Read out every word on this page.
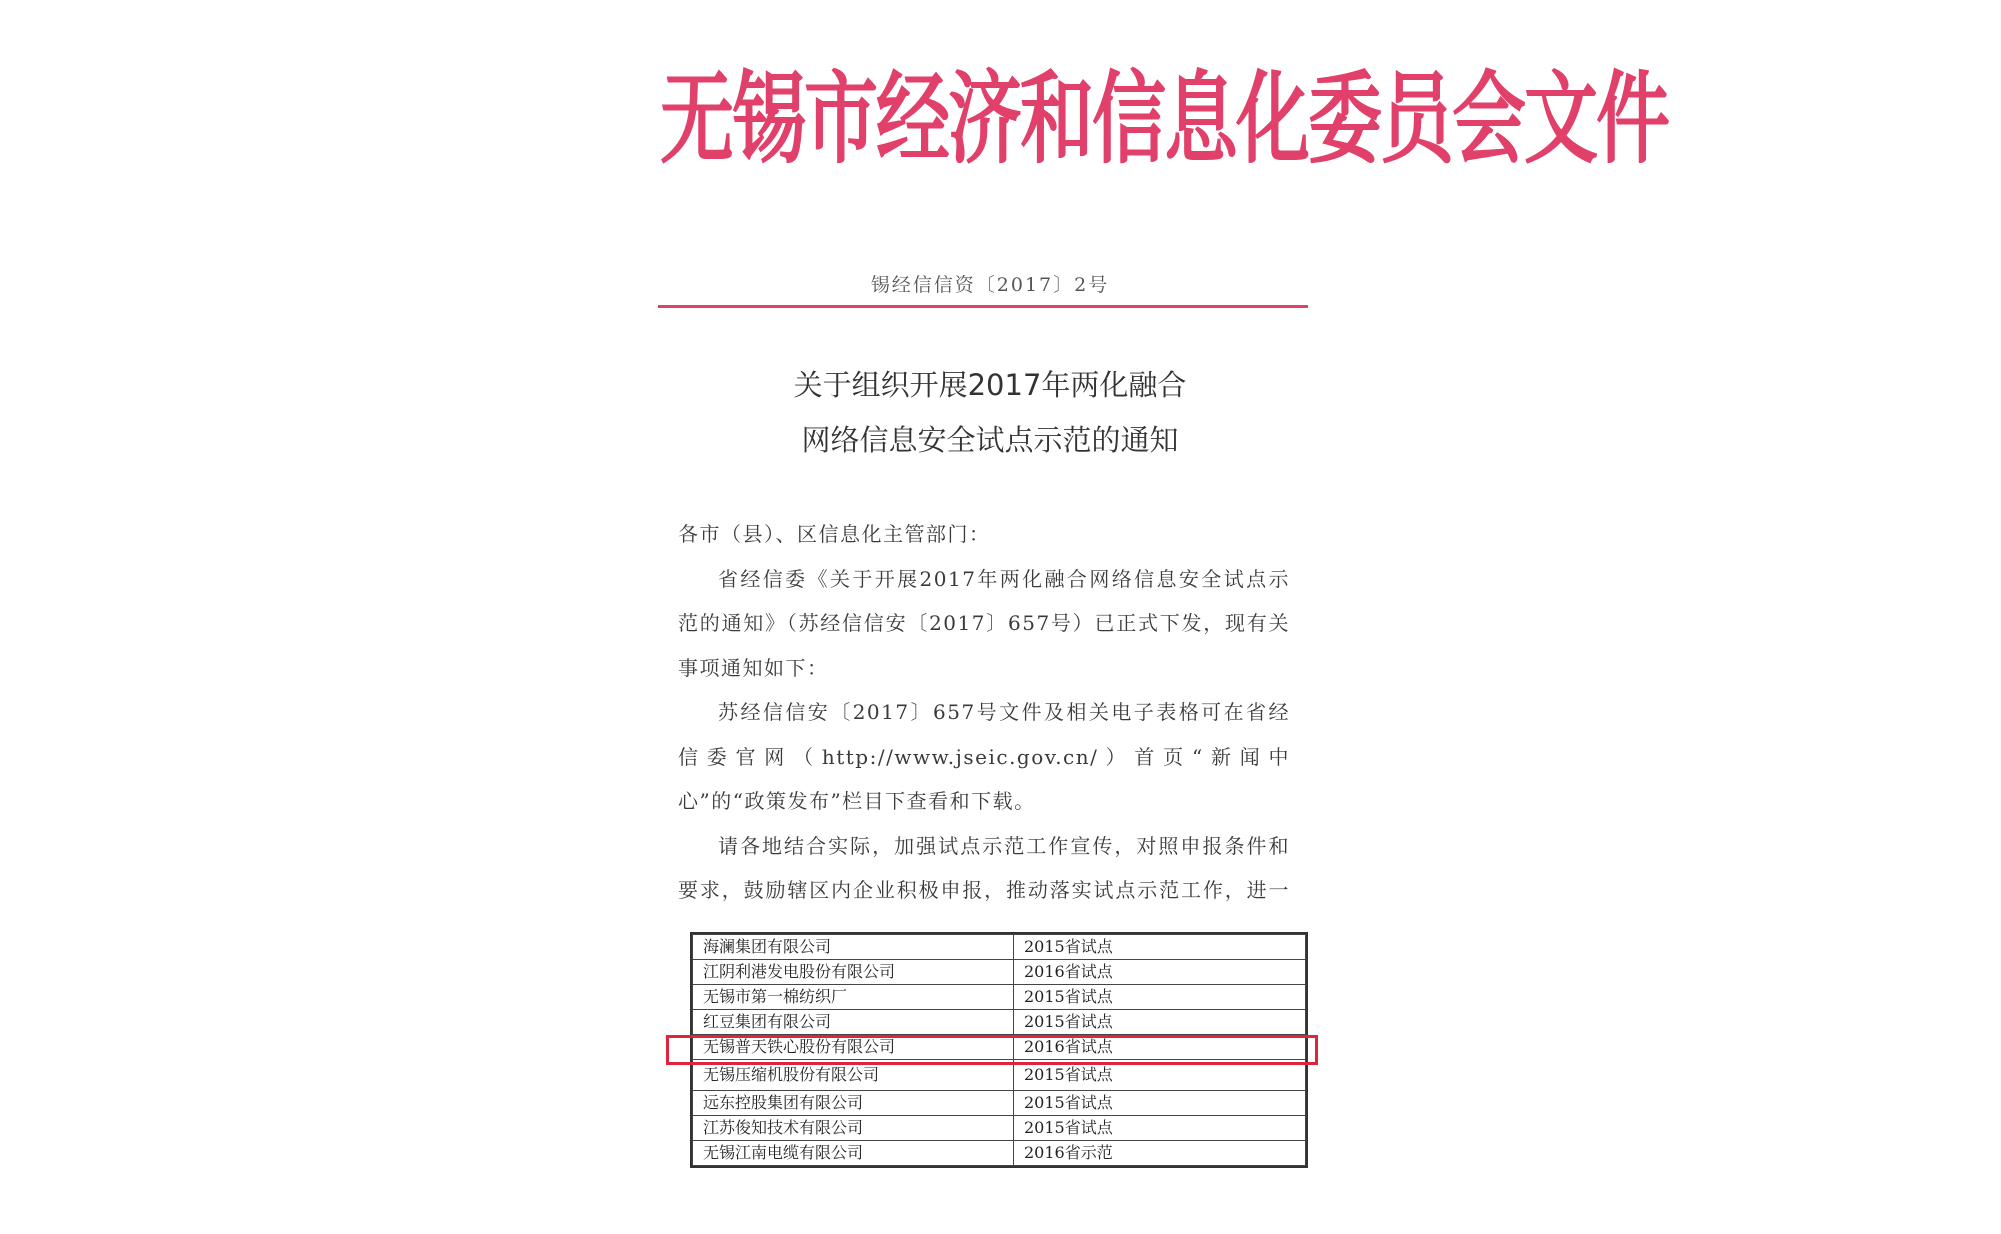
无锡市经济和信息化委员会文件
锡经信信资〔2017〕2号
关于组织开展2017年两化融合
网络信息安全试点示范的通知

各市（县）、区信息化主管部门：

省经信委《关于开展2017年两化融合网络信息安全试点示范的通知》（苏经信信安〔2017〕657号）已正式下发，现有关事项通知如下：

苏经信信安〔2017〕657号文件及相关电子表格可在省经信委官网（http://www.jseic.gov.cn/）首页“新闻中心”的“政策发布”栏目下查看和下载。

请各地结合实际，加强试点示范工作宣传，对照申报条件和要求，鼓励辖区内企业积极申报，推动落实试点示范工作，进一

海澜集团有限公司	2015省试点
江阴利港发电股份有限公司	2016省试点
无锡市第一棉纺织厂	2015省试点
红豆集团有限公司	2015省试点
无锡普天铁心股份有限公司	2016省试点
无锡压缩机股份有限公司	2015省试点
远东控股集团有限公司	2015省试点
江苏俊知技术有限公司	2015省试点
无锡江南电缆有限公司	2016省示范
